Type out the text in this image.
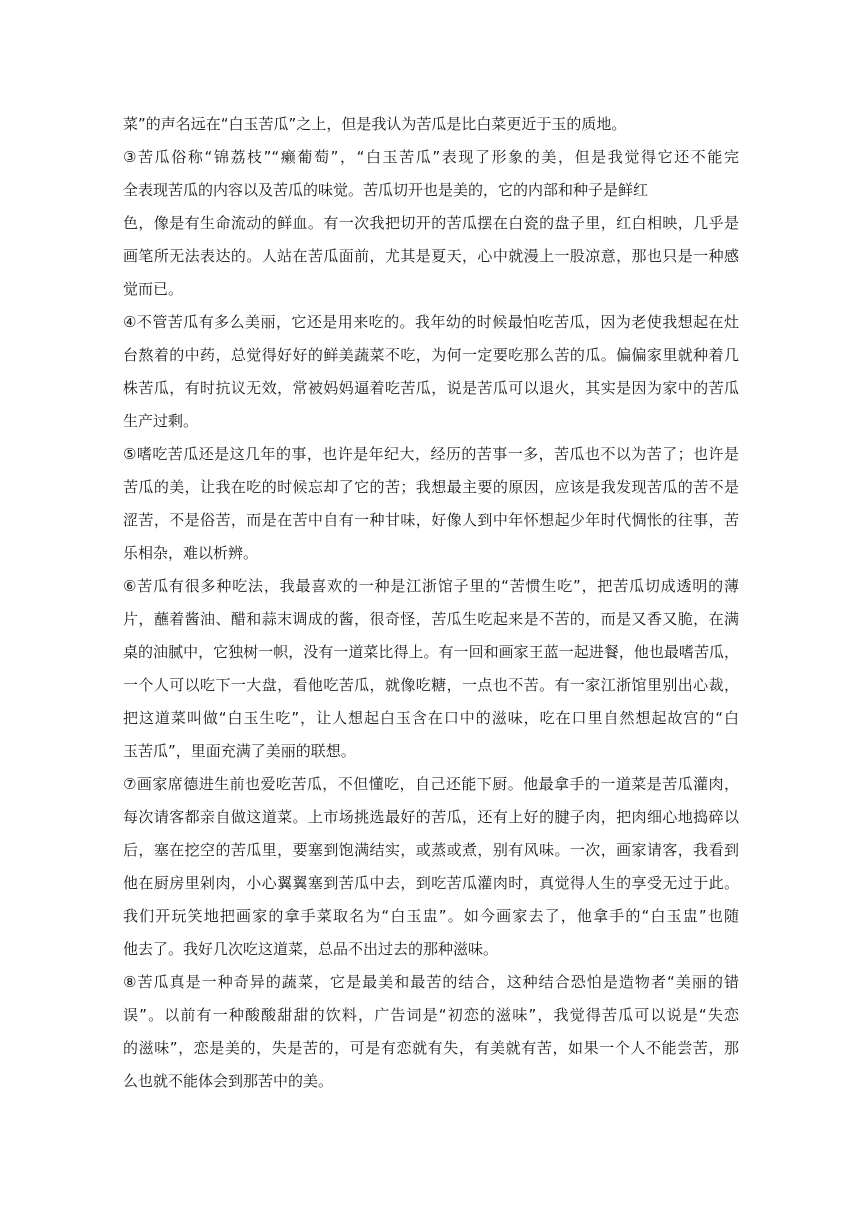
菜”的声名远在“白玉苦瓜”之上，但是我认为苦瓜是比白菜更近于玉的质地。
③苦瓜俗称“锦荔枝”“癞葡萄”，“白玉苦瓜”表现了形象的美，但是我觉得它还不能完
全表现苦瓜的内容以及苦瓜的味觉。苦瓜切开也是美的，它的内部和种子是鲜红
色，像是有生命流动的鲜血。有一次我把切开的苦瓜摆在白瓷的盘子里，红白相映，几乎是
画笔所无法表达的。人站在苦瓜面前，尤其是夏天，心中就漫上一股凉意，那也只是一种感
觉而已。
④不管苦瓜有多么美丽，它还是用来吃的。我年幼的时候最怕吃苦瓜，因为老使我想起在灶
台熬着的中药，总觉得好好的鲜美蔬菜不吃，为何一定要吃那么苦的瓜。偏偏家里就种着几
株苦瓜，有时抗议无效，常被妈妈逼着吃苦瓜，说是苦瓜可以退火，其实是因为家中的苦瓜
生产过剩。
⑤嗜吃苦瓜还是这几年的事，也许是年纪大，经历的苦事一多，苦瓜也不以为苦了；也许是
苦瓜的美，让我在吃的时候忘却了它的苦；我想最主要的原因，应该是我发现苦瓜的苦不是
涩苦，不是俗苦，而是在苦中自有一种甘味，好像人到中年怀想起少年时代惆怅的往事，苦
乐相杂，难以析辨。
⑥苦瓜有很多种吃法，我最喜欢的一种是江浙馆子里的“苦惯生吃”，把苦瓜切成透明的薄
片，蘸着酱油、醋和蒜末调成的酱，很奇怪，苦瓜生吃起来是不苦的，而是又香又脆，在满
桌的油腻中，它独树一帜，没有一道菜比得上。有一回和画家王蓝一起进餐，他也最嗜苦瓜，
一个人可以吃下一大盘，看他吃苦瓜，就像吃糖，一点也不苦。有一家江浙馆里别出心裁，
把这道菜叫做“白玉生吃”，让人想起白玉含在口中的滋味，吃在口里自然想起故宫的“白
玉苦瓜”，里面充满了美丽的联想。
⑦画家席德进生前也爱吃苦瓜，不但懂吃，自己还能下厨。他最拿手的一道菜是苦瓜灌肉，
每次请客都亲自做这道菜。上市场挑选最好的苦瓜，还有上好的腱子肉，把肉细心地捣碎以
后，塞在挖空的苦瓜里，要塞到饱满结实，或蒸或煮，别有风味。一次，画家请客，我看到
他在厨房里剁肉，小心翼翼塞到苦瓜中去，到吃苦瓜灌肉时，真觉得人生的享受无过于此。
我们开玩笑地把画家的拿手菜取名为“白玉盅”。如今画家去了，他拿手的“白玉盅”也随
他去了。我好几次吃这道菜，总品不出过去的那种滋味。
⑧苦瓜真是一种奇异的蔬菜，它是最美和最苦的结合，这种结合恐怕是造物者“美丽的错
误”。以前有一种酸酸甜甜的饮料，广告词是“初恋的滋味”，我觉得苦瓜可以说是“失恋
的滋味”，恋是美的，失是苦的，可是有恋就有失，有美就有苦，如果一个人不能尝苦，那
么也就不能体会到那苦中的美。
